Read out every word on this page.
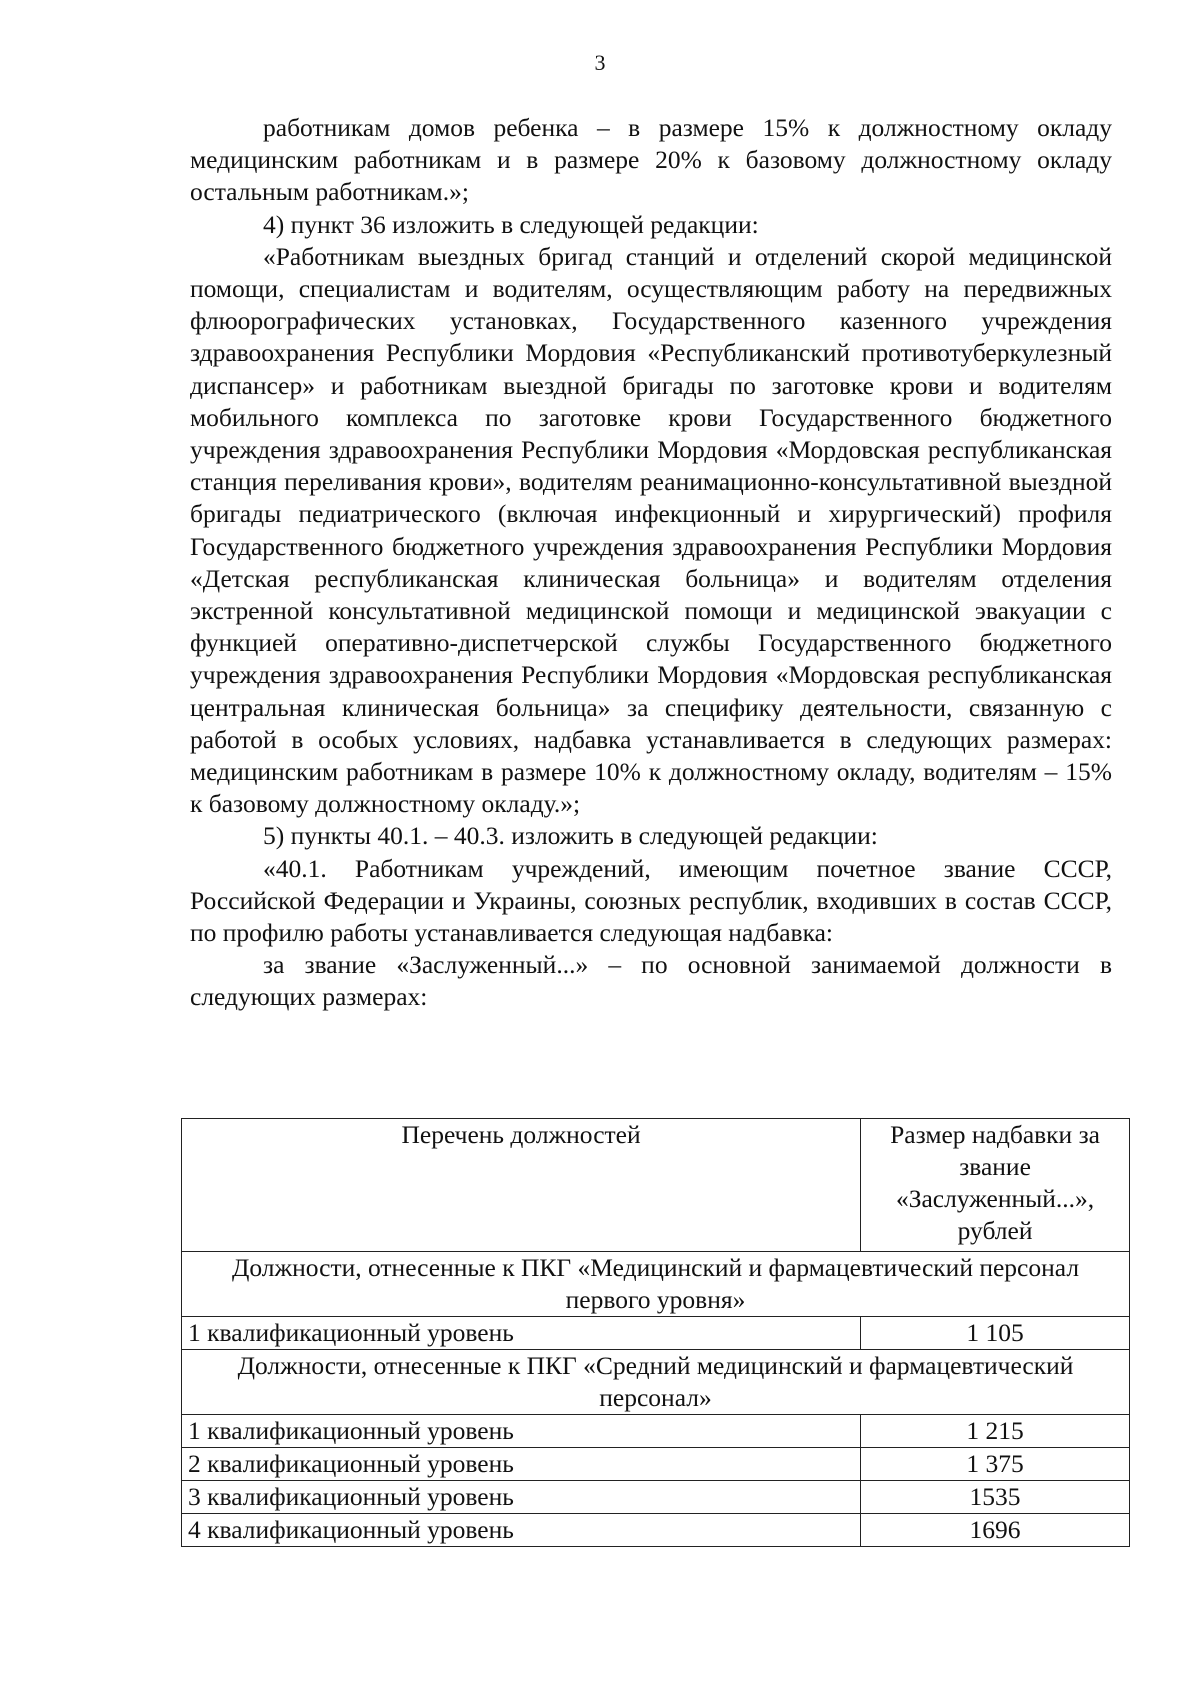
3

работникам домов ребенка – в размере 15% к должностному окладу медицинским работникам и в размере 20% к базовому должностному окладу остальным работникам.»;

4) пункт 36 изложить в следующей редакции:

«Работникам выездных бригад станций и отделений скорой медицинской помощи, специалистам и водителям, осуществляющим работу на передвижных флюорографических установках, Государственного казенного учреждения здравоохранения Республики Мордовия «Республиканский противотуберкулезный диспансер» и работникам выездной бригады по заготовке крови и водителям мобильного комплекса по заготовке крови Государственного бюджетного учреждения здравоохранения Республики Мордовия «Мордовская республиканская станция переливания крови», водителям реанимационно-консультативной выездной бригады педиатрического (включая инфекционный и хирургический) профиля Государственного бюджетного учреждения здравоохранения Республики Мордовия «Детская республиканская клиническая больница» и водителям отделения экстренной консультативной медицинской помощи и медицинской эвакуации с функцией оперативно-диспетчерской службы Государственного бюджетного учреждения здравоохранения Республики Мордовия «Мордовская республиканская центральная клиническая больница» за специфику деятельности, связанную с работой в особых условиях, надбавка устанавливается в следующих размерах: медицинским работникам в размере 10% к должностному окладу, водителям – 15% к базовому должностному окладу.»;

5) пункты 40.1. – 40.3. изложить в следующей редакции:

«40.1. Работникам учреждений, имеющим почетное звание СССР, Российской Федерации и Украины, союзных республик, входивших в состав СССР, по профилю работы устанавливается следующая надбавка:

за звание «Заслуженный...» – по основной занимаемой должности в следующих размерах:

Перечень должностей	Размер надбавки за звание «Заслуженный...», рублей
Должности, отнесенные к ПКГ «Медицинский и фармацевтический персонал первого уровня»	
1 квалификационный уровень	1 105
Должности, отнесенные к ПКГ «Средний медицинский и фармацевтический персонал»	
1 квалификационный уровень	1 215
2 квалификационный уровень	1 375
3 квалификационный уровень	1535
4 квалификационный уровень	1696
